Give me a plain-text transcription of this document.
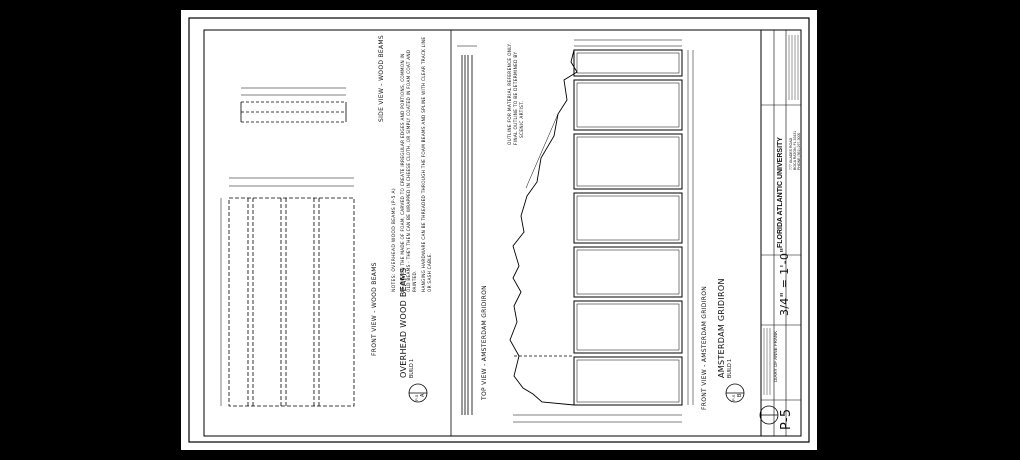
SIDE VIEW - WOOD BEAMS
FRONT VIEW - WOOD BEAMS	TOP VIEW - AMSTERDAM GRIDIRON	FRONT VIEW - AMSTERDAM GRIDIRON
P-5 A
OVERHEAD WOOD BEAMS BUILD 1
P-5 B
AMSTERDAM GRIDIRON BUILD 1
NOTES: OVERHEAD WOOD BEAMS (P-5 A) BEAMS ON THE MADE OF FOAM, CARVED TO CREATE IRREGULAR EDGES AND PORTIONS, COMMON IN OLD BEAMS - THEY THEN CAN BE WRAPPED IN CHEESE CLOTH, OR SIMPLY COATED IN FOAM COAT AND PAINTED. HANGING HARDWARE CAN BE THREADED THROUGH THE FOAM BEAMS AND SPLINE WITH CLEAR TRACK LINE OR SASH CABLE.
OUTLINE FOR MATERIAL REFERENCE ONLY. FINAL OUTLINE TO BE DETERMINED BY SCENIC ARTIST.
FLORIDA ATLANTIC UNIVERSITY 777 GLADES ROAD BOCA RATON, FL 33431 PHONE (561) 297-3000
DIARY OF ANNE FRANK
3/4" = 1'-0"
P-5
